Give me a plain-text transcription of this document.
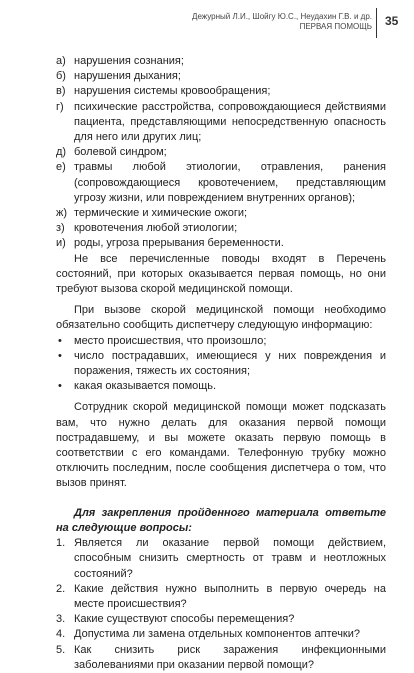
Дежурный Л.И., Шойгу Ю.С., Неудахин Г.В. и др.
ПЕРВАЯ ПОМОЩЬ 35
а) нарушения сознания;
б) нарушения дыхания;
в) нарушения системы кровообращения;
г) психические расстройства, сопровождающиеся действиями пациента, представляющими непосредственную опасность для него или других лиц;
д) болевой синдром;
е) травмы любой этиологии, отравления, ранения (сопровождающиеся кровотечением, представляющим угрозу жизни, или повреждением внутренних органов);
ж) термические и химические ожоги;
з) кровотечения любой этиологии;
и) роды, угроза прерывания беременности.
Не все перечисленные поводы входят в Перечень состояний, при которых оказывается первая помощь, но они требуют вызова скорой медицинской помощи.
При вызове скорой медицинской помощи необходимо обязательно сообщить диспетчеру следующую информацию:
• место происшествия, что произошло;
• число пострадавших, имеющиеся у них повреждения и поражения, тяжесть их состояния;
• какая оказывается помощь.
Сотрудник скорой медицинской помощи может подсказать вам, что нужно делать для оказания первой помощи пострадавшему, и вы можете оказать первую помощь в соответствии с его командами. Телефонную трубку можно отключить последним, после сообщения диспетчера о том, что вызов принят.
Для закрепления пройденного материала ответьте на следующие вопросы:
1. Является ли оказание первой помощи действием, способным снизить смертность от травм и неотложных состояний?
2. Какие действия нужно выполнить в первую очередь на месте происшествия?
3. Какие существуют способы перемещения?
4. Допустима ли замена отдельных компонентов аптечки?
5. Как снизить риск заражения инфекционными заболеваниями при оказании первой помощи?
